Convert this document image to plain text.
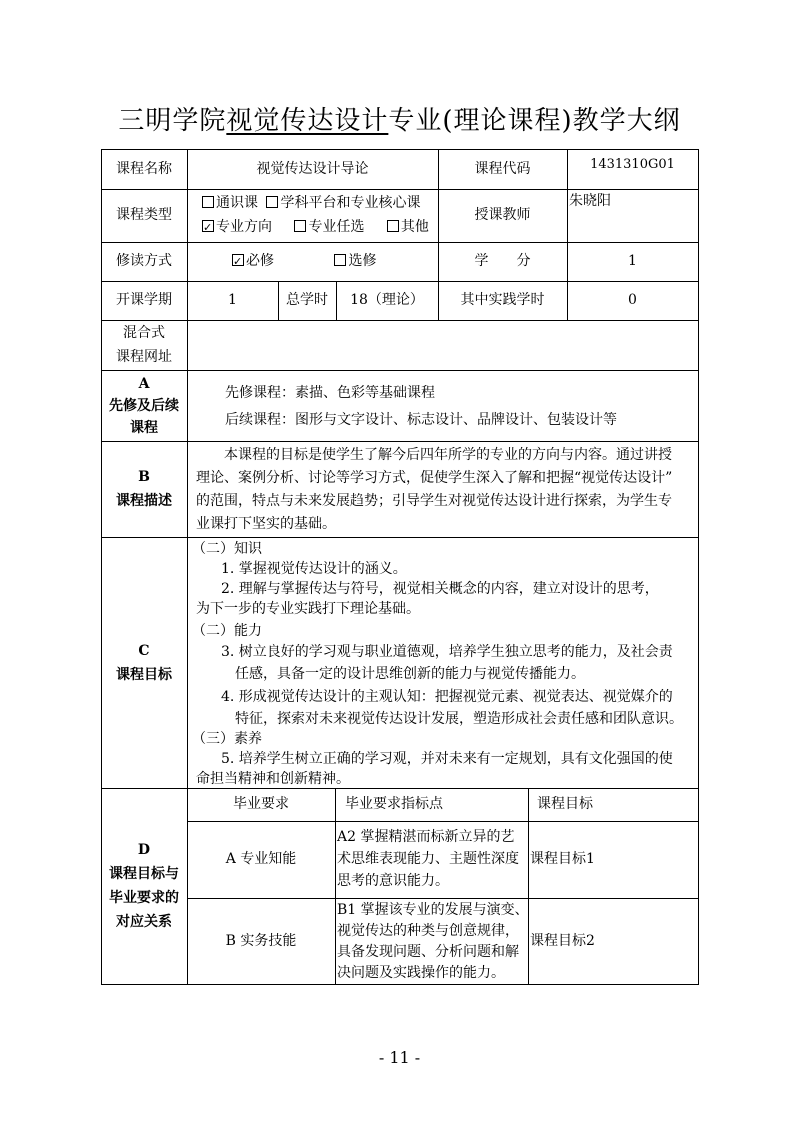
三明学院视觉传达设计专业(理论课程)教学大纲
课程名称	视觉传达设计导论	课程代码	1431310G01
课程类型
通识课 学科平台和专业核心课
✓专业方向	专业任选	其他
授课教师
朱晓阳
修读方式
✓	必修	选修	学　　分	1
开课学期	1	总学时	18（理论）	其中实践学时	0
混合式
课程网址
A
先修及后续
课程
先修课程：素描、色彩等基础课程
后续课程：图形与文字设计、标志设计、品牌设计、包装设计等
B
课程描述
本课程的目标是使学生了解今后四年所学的专业的方向与内容。通过讲授
理论、案例分析、讨论等学习方式，促使学生深入了解和把握“视觉传达设计”
的范围，特点与未来发展趋势；引导学生对视觉传达设计进行探索，为学生专
业课打下坚实的基础。
C
课程目标
（二）知识
1. 掌握视觉传达设计的涵义。
2. 理解与掌握传达与符号，视觉相关概念的内容，建立对设计的思考，
为下一步的专业实践打下理论基础。
（二）能力
3. 树立良好的学习观与职业道德观，培养学生独立思考的能力，及社会责
任感，具备一定的设计思维创新的能力与视觉传播能力。
4. 形成视觉传达设计的主观认知：把握视觉元素、视觉表达、视觉媒介的
特征，探索对未来视觉传达设计发展，塑造形成社会责任感和团队意识。
（三）素养
5. 培养学生树立正确的学习观，并对未来有一定规划，具有文化强国的使
命担当精神和创新精神。
D
课程目标与
毕业要求的
对应关系
毕业要求	毕业要求指标点	课程目标
A 专业知能
A2 掌握精湛而标新立异的艺
术思维表现能力、主题性深度
思考的意识能力。
课程目标1
B 实务技能
B1 掌握该专业的发展与演变、
视觉传达的种类与创意规律，
具备发现问题、分析问题和解
决问题及实践操作的能力。
课程目标2
- 11 -
